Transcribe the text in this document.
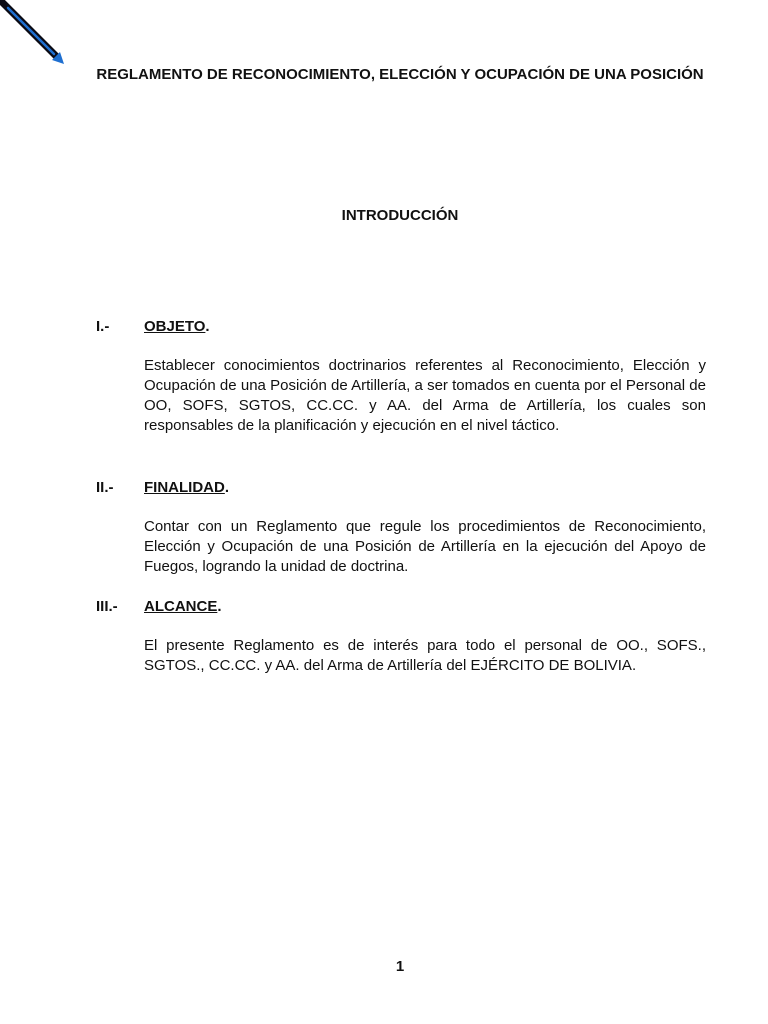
REGLAMENTO DE RECONOCIMIENTO, ELECCIÓN Y OCUPACIÓN DE UNA POSICIÓN
INTRODUCCIÓN
I.- OBJETO.
Establecer conocimientos doctrinarios referentes al Reconocimiento, Elección y Ocupación de una Posición de Artillería, a ser tomados en cuenta por el Personal de OO, SOFS, SGTOS, CC.CC. y AA. del Arma de Artillería, los cuales son responsables de la planificación y ejecución en el nivel táctico.
II.- FINALIDAD.
Contar con un Reglamento que regule los procedimientos de Reconocimiento, Elección y Ocupación de una Posición de Artillería en la ejecución del Apoyo de Fuegos, logrando la unidad de doctrina.
III.- ALCANCE.
El presente Reglamento es de interés para todo el personal de OO., SOFS., SGTOS., CC.CC. y AA. del Arma de Artillería del EJÉRCITO DE BOLIVIA.
1
